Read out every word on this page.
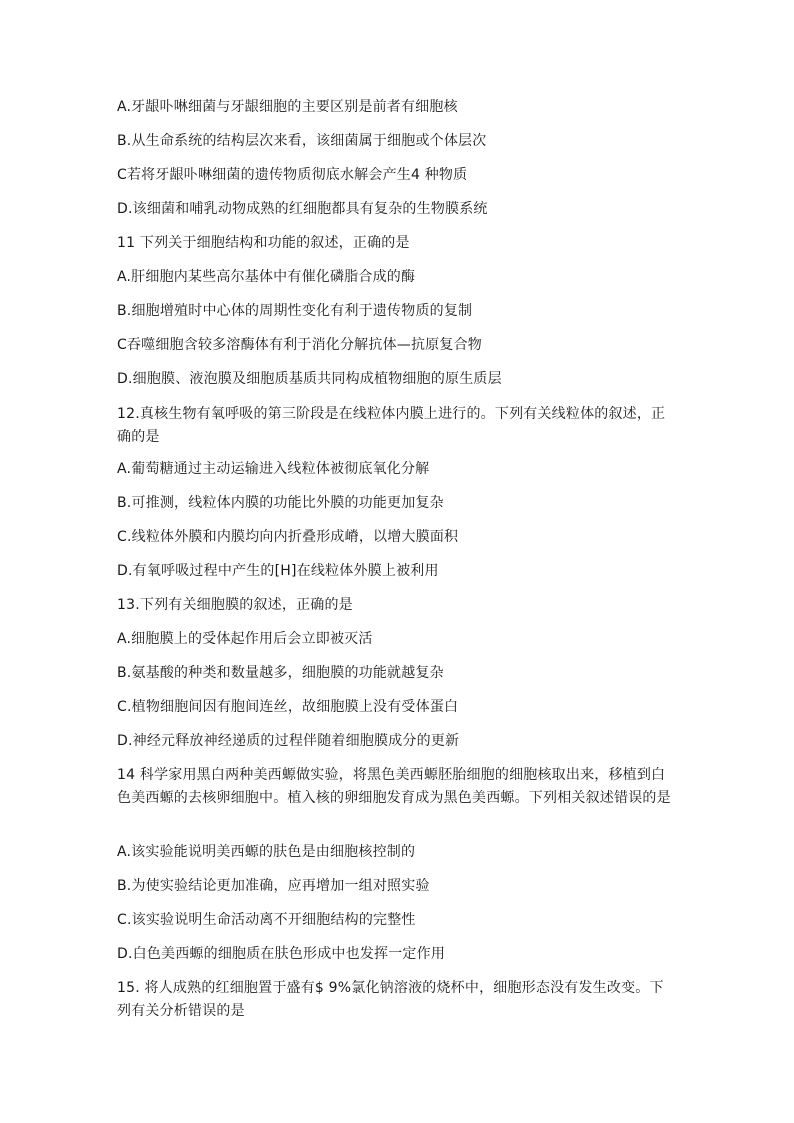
A.牙龈卟啉细菌与牙龈细胞的主要区别是前者有细胞核
B.从生命系统的结构层次来看，该细菌属于细胞或个体层次
C若将牙龈卟啉细菌的遗传物质彻底水解会产生4 种物质
D.该细菌和哺乳动物成熟的红细胞都具有复杂的生物膜系统
11 下列关于细胞结构和功能的叙述，正确的是
A.肝细胞内某些高尔基体中有催化磷脂合成的酶
B.细胞增殖时中心体的周期性变化有利于遗传物质的复制
C吞噬细胞含较多溶酶体有利于消化分解抗体—抗原复合物
D.细胞膜、液泡膜及细胞质基质共同构成植物细胞的原生质层
12.真核生物有氧呼吸的第三阶段是在线粒体内膜上进行的。下列有关线粒体的叙述，正确的是
A.葡萄糖通过主动运输进入线粒体被彻底氧化分解
B.可推测，线粒体内膜的功能比外膜的功能更加复杂
C.线粒体外膜和内膜均向内折叠形成嵴，以增大膜面积
D.有氧呼吸过程中产生的[H]在线粒体外膜上被利用
13.下列有关细胞膜的叙述，正确的是
A.细胞膜上的受体起作用后会立即被灭活
B.氨基酸的种类和数量越多，细胞膜的功能就越复杂
C.植物细胞间因有胞间连丝，故细胞膜上没有受体蛋白
D.神经元释放神经递质的过程伴随着细胞膜成分的更新
14 科学家用黑白两种美西螈做实验，将黑色美西螈胚胎细胞的细胞核取出来，移植到白色美西螈的去核卵细胞中。植入核的卵细胞发育成为黑色美西螈。下列相关叙述错误的是
A.该实验能说明美西螈的肤色是由细胞核控制的
B.为使实验结论更加准确，应再增加一组对照实验
C.该实验说明生命活动离不开细胞结构的完整性
D.白色美西螈的细胞质在肤色形成中也发挥一定作用
15. 将人成熟的红细胞置于盛有$ 9%氯化钠溶液的烧杯中，细胞形态没有发生改变。下列有关分析错误的是
